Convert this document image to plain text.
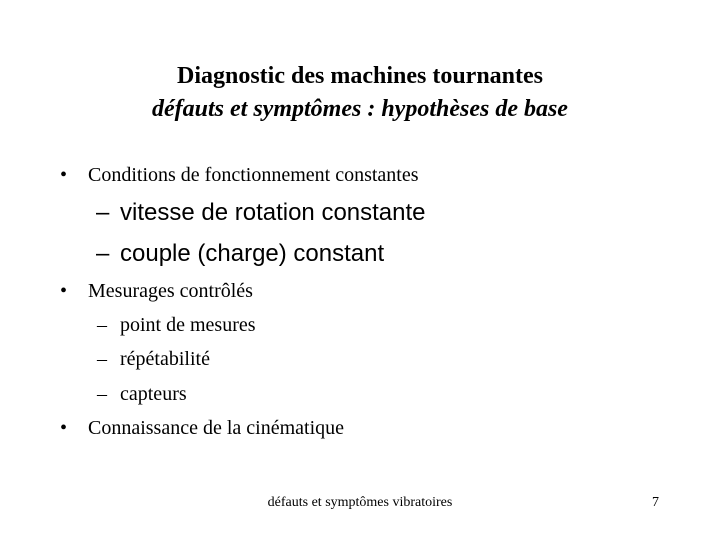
Diagnostic des machines tournantes
défauts et symptômes : hypothèses de base
• Conditions de fonctionnement constantes
– vitesse de rotation constante
– couple (charge) constant
• Mesurages contrôlés
– point de mesures
– répétabilité
– capteurs
• Connaissance de la cinématique
défauts et symptômes vibratoires	7
